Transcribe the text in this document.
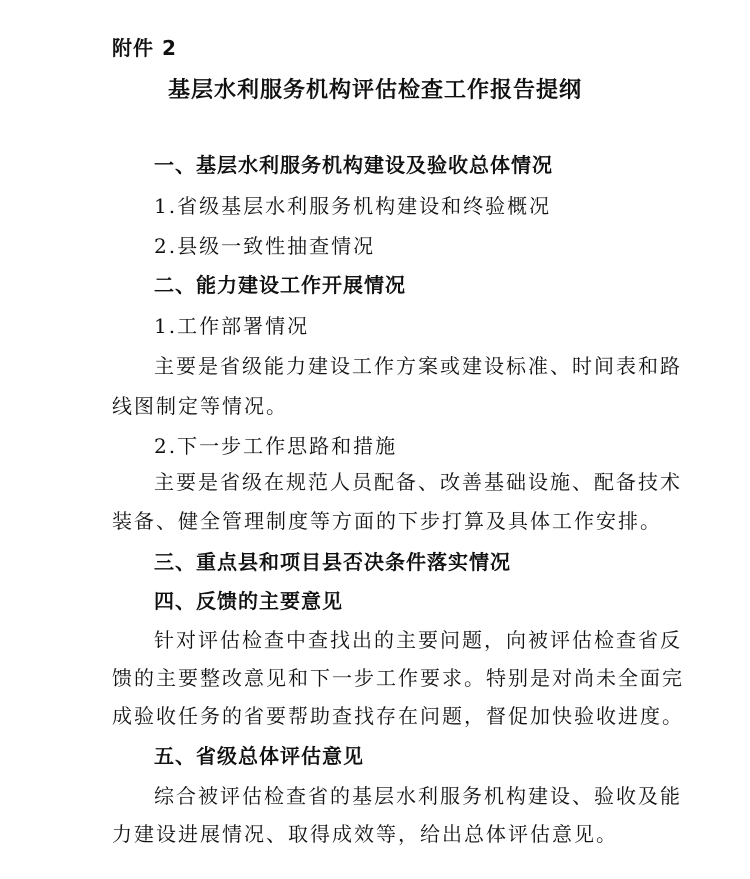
附件 2
基层水利服务机构评估检查工作报告提纲
一、基层水利服务机构建设及验收总体情况
1.省级基层水利服务机构建设和终验概况
2.县级一致性抽查情况
二、能力建设工作开展情况
1.工作部署情况
主要是省级能力建设工作方案或建设标准、时间表和路
线图制定等情况。
2.下一步工作思路和措施
主要是省级在规范人员配备、改善基础设施、配备技术
装备、健全管理制度等方面的下步打算及具体工作安排。
三、重点县和项目县否决条件落实情况
四、反馈的主要意见
针对评估检查中查找出的主要问题，向被评估检查省反
馈的主要整改意见和下一步工作要求。特别是对尚未全面完
成验收任务的省要帮助查找存在问题，督促加快验收进度。
五、省级总体评估意见
综合被评估检查省的基层水利服务机构建设、验收及能
力建设进展情况、取得成效等，给出总体评估意见。
